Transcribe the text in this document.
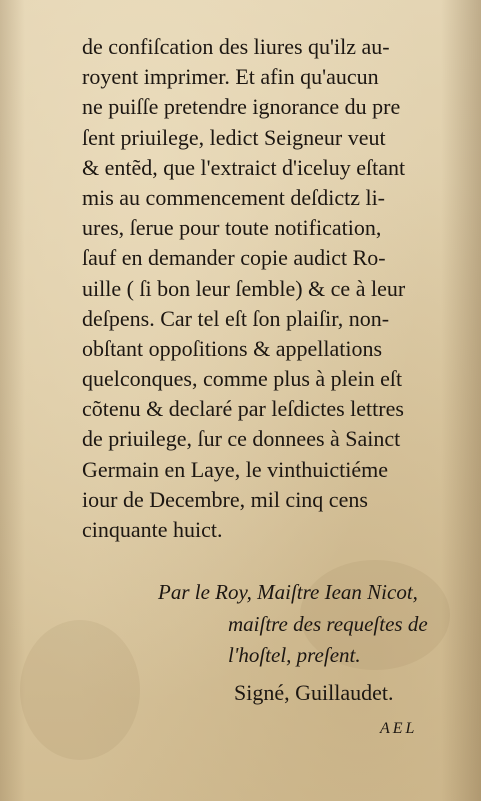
de confiſcation des liures qu'ilz au-
royent imprimer. Et afin qu'aucun
ne puiſſe pretendre ignorance du pre
ſent priuilege, ledict Seigneur veut
& entẽd, que l'extraict d'iceluy eſtant
mis au commencement deſdictz li-
ures, ſerue pour toute notification,
ſauf en demander copie audict Ro-
uille ( ſi bon leur ſemble) & ce à leur
deſpens. Car tel eſt ſon plaiſir, non-
obſtant oppoſitions & appellations
quelconques, comme plus à plein eſt
cõtenu & declaré par leſdictes lettres
de priuilege, ſur ce donnees à Sainct
Germain en Laye, le vinthuictiéme
iour de Decembre, mil cinq cens
cinquante huict.
Par le Roy, Maiſtre Iean Nicot,
maiſtre des requeſtes de
l'hoſtel, preſent.
Signé, Guillaudet.
AEL
